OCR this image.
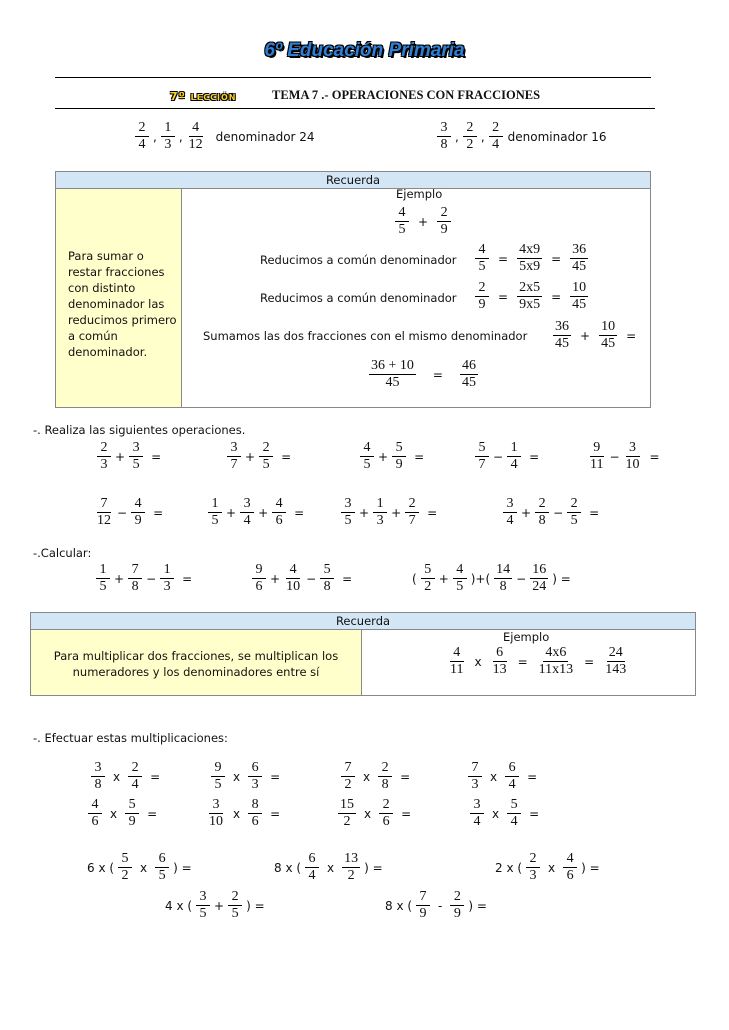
6º Educación Primaria
7º lección	TEMA 7 .- OPERACIONES CON FRACCIONES
$\frac{2}{4}$ , $\frac{1}{3}$ , $\frac{4}{12}$ denominador 24	$\frac{3}{8}$ , $\frac{2}{2}$ , $\frac{2}{4}$ denominador 16
Recuerda
Para sumar o restar fracciones con distinto denominador las reducimos primero a común denominador.
Ejemplo
$\frac{4}{5} + \frac{2}{9}$
Reducimos a común denominador $\frac{4}{5} = \frac{4x9}{5x9} = \frac{36}{45}$
Reducimos a común denominador $\frac{2}{9} = \frac{2x5}{9x5} = \frac{10}{45}$
Sumamos las dos fracciones con el mismo denominador $\frac{36}{45} + \frac{10}{45}$ =
$\frac{36 + 10}{45}$	=	$\frac{46}{45}$
-. Realiza las siguientes operaciones.
$\frac{2}{3} + \frac{3}{5}$ =	$\frac{3}{7} + \frac{2}{5}$ =	$\frac{4}{5} + \frac{5}{9}$ =	$\frac{5}{7} - \frac{1}{4}$ =	$\frac{9}{11} - \frac{3}{10}$ =
$\frac{7}{12} - \frac{4}{9}$ =	$\frac{1}{5} + \frac{3}{4} + \frac{4}{6}$ =	$\frac{3}{5} + \frac{1}{3} + \frac{2}{7}$ =	$\frac{3}{4} + \frac{2}{8} - \frac{2}{5}$ =
$\frac{1}{5} + \frac{7}{8} - \frac{1}{3}$ =	$\frac{9}{6} + \frac{4}{10} - \frac{5}{8}$ =	( $\frac{5}{2} + \frac{4}{5}$ )+( $\frac{14}{8} - \frac{16}{24}$ ) =
$\frac{3}{8}$ x $\frac{2}{4}$ =	$\frac{9}{5}$ x $\frac{6}{3}$ =	$\frac{7}{2}$ x $\frac{2}{8}$ =	$\frac{7}{3}$ x $\frac{6}{4}$ =
$\frac{4}{6}$ x $\frac{5}{9}$ =	$\frac{3}{10}$ x $\frac{8}{6}$ =	$\frac{15}{2}$ x $\frac{2}{6}$ =	$\frac{3}{4}$ x $\frac{5}{4}$ =
6 x ( $\frac{5}{2}$ x $\frac{6}{5}$ ) =	8 x ( $\frac{6}{4}$ x $\frac{13}{2}$ ) =	2 x ( $\frac{2}{3}$ x $\frac{4}{6}$ ) =
4 x ( $\frac{3}{5} + \frac{2}{5}$ ) =	8 x ( $\frac{7}{9} - \frac{2}{9}$ ) =
-.Calcular:
Recuerda
Para multiplicar dos fracciones, se multiplican los numeradores y los denominadores entre sí
Ejemplo
$\frac{4}{11}$ x $\frac{6}{13} = \frac{4x6}{11x13} = \frac{24}{143}$
-. Efectuar estas multiplicaciones:
